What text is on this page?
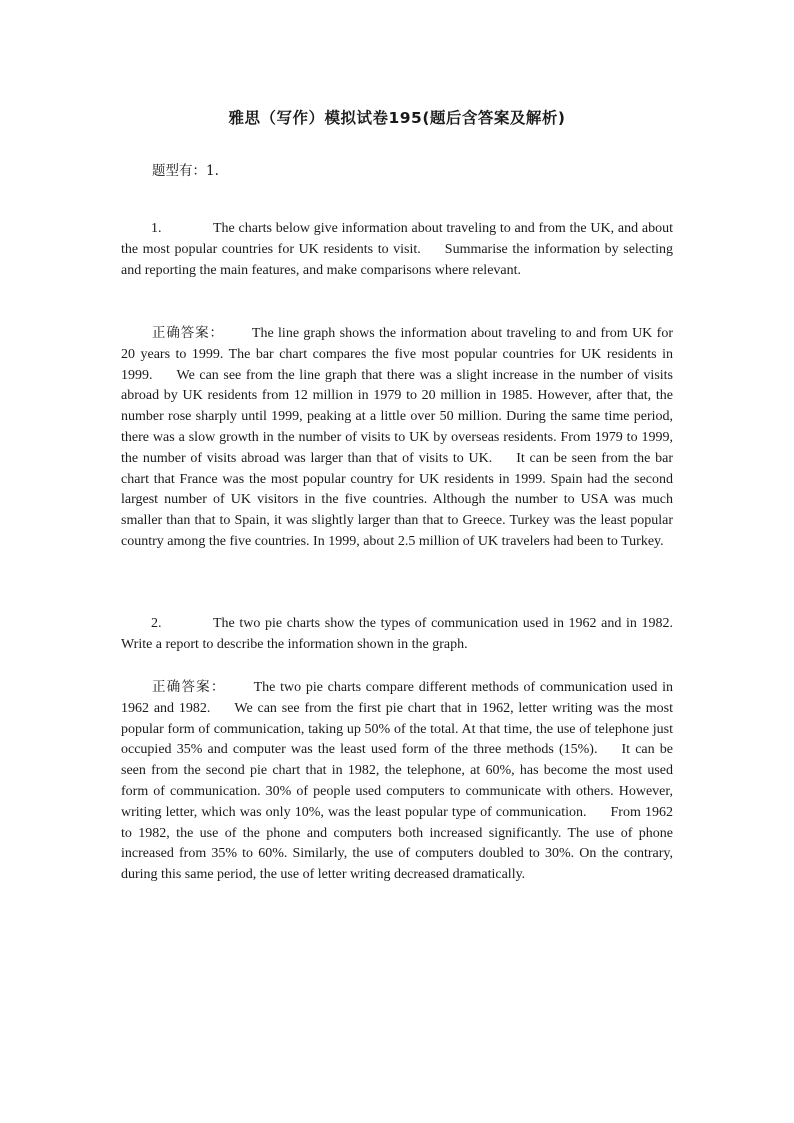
雅思（写作）模拟试卷195(题后含答案及解析)
题型有：1.
1.	The charts below give information about traveling to and from the UK, and about the most popular countries for UK residents to visit. Summarise the information by selecting and reporting the main features, and make comparisons where relevant.
正确答案： The line graph shows the information about traveling to and from UK for 20 years to 1999. The bar chart compares the five most popular countries for UK residents in 1999. We can see from the line graph that there was a slight increase in the number of visits abroad by UK residents from 12 million in 1979 to 20 million in 1985. However, after that, the number rose sharply until 1999, peaking at a little over 50 million. During the same time period, there was a slow growth in the number of visits to UK by overseas residents. From 1979 to 1999, the number of visits abroad was larger than that of visits to UK. It can be seen from the bar chart that France was the most popular country for UK residents in 1999. Spain had the second largest number of UK visitors in the five countries. Although the number to USA was much smaller than that to Spain, it was slightly larger than that to Greece. Turkey was the least popular country among the five countries. In 1999, about 2.5 million of UK travelers had been to Turkey.
2.	The two pie charts show the types of communication used in 1962 and in 1982. Write a report to describe the information shown in the graph.
正确答案： The two pie charts compare different methods of communication used in 1962 and 1982. We can see from the first pie chart that in 1962, letter writing was the most popular form of communication, taking up 50% of the total. At that time, the use of telephone just occupied 35% and computer was the least used form of the three methods (15%). It can be seen from the second pie chart that in 1982, the telephone, at 60%, has become the most used form of communication. 30% of people used computers to communicate with others. However, writing letter, which was only 10%, was the least popular type of communication. From 1962 to 1982, the use of the phone and computers both increased significantly. The use of phone increased from 35% to 60%. Similarly, the use of computers doubled to 30%. On the contrary, during this same period, the use of letter writing decreased dramatically.
